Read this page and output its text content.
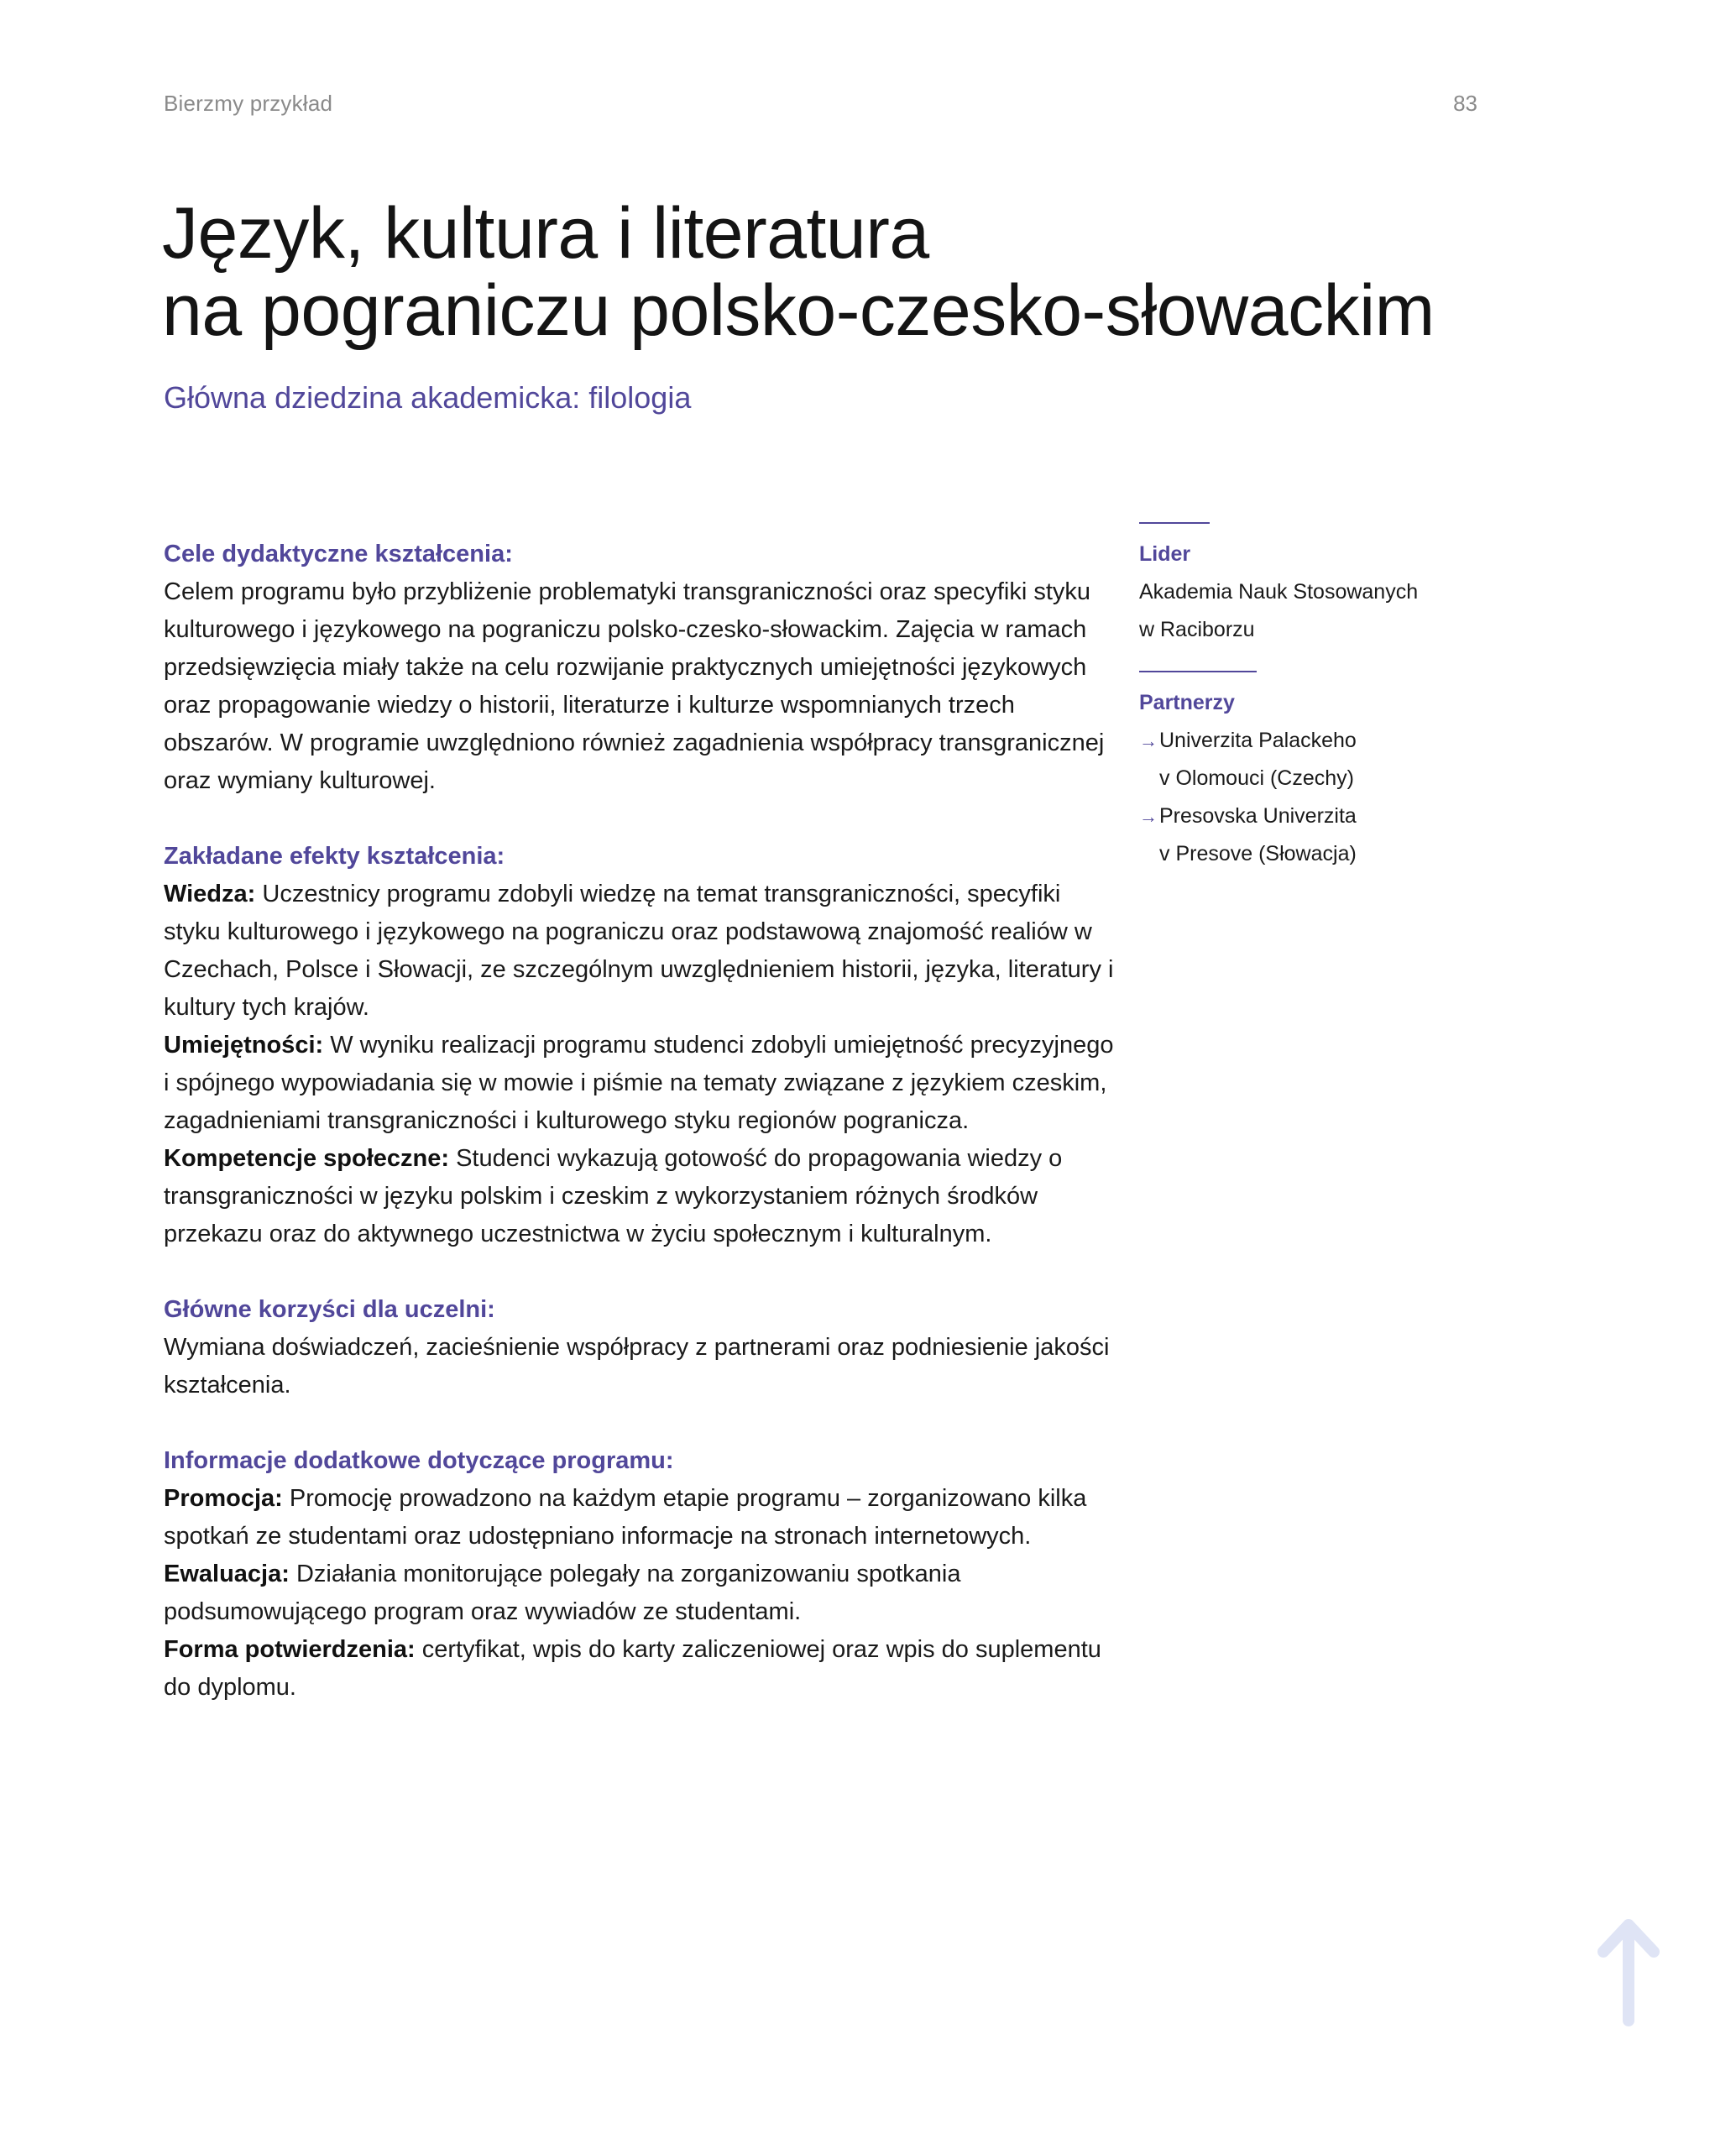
Bierzmy przykład	83
Język, kultura i literatura
na pograniczu polsko-czesko-słowackim
Główna dziedzina akademicka: filologia
Cele dydaktyczne kształcenia:

Celem programu było przybliżenie problematyki transgraniczności oraz specyfiki styku kulturowego i językowego na pograniczu polsko-czesko-słowackim. Zajęcia w ramach przedsięwzięcia miały także na celu rozwijanie praktycznych umiejętności językowych oraz propagowanie wiedzy o historii, literaturze i kulturze wspomnianych trzech obszarów. W programie uwzględniono również zagadnienia współpracy transgranicznej oraz wymiany kulturowej.

Zakładane efekty kształcenia:

Wiedza: Uczestnicy programu zdobyli wiedzę na temat transgraniczności, specyfiki styku kulturowego i językowego na pograniczu oraz podstawową znajomość realiów w Czechach, Polsce i Słowacji, ze szczególnym uwzględnieniem historii, języka, literatury i kultury tych krajów.

Umiejętności: W wyniku realizacji programu studenci zdobyli umiejętność precyzyjnego i spójnego wypowiadania się w mowie i piśmie na tematy związane z językiem czeskim, zagadnieniami transgraniczności i kulturowego styku regionów pogranicza.

Kompetencje społeczne: Studenci wykazują gotowość do propagowania wiedzy o transgraniczności w języku polskim i czeskim z wykorzystaniem różnych środków przekazu oraz do aktywnego uczestnictwa w życiu społecznym i kulturalnym.

Główne korzyści dla uczelni:

Wymiana doświadczeń, zacieśnienie współpracy z partnerami oraz podniesienie jakości kształcenia.

Informacje dodatkowe dotyczące programu:

Promocja: Promocję prowadzono na każdym etapie programu – zorganizowano kilka spotkań ze studentami oraz udostępniano informacje na stronach internetowych.

Ewaluacja: Działania monitorujące polegały na zorganizowaniu spotkania podsumowującego program oraz wywiadów ze studentami.

Forma potwierdzenia: certyfikat, wpis do karty zaliczeniowej oraz wpis do suplementu do dyplomu.

Lider
Akademia Nauk Stosowanych
w Raciborzu
Partnerzy
→ Univerzita Palackeho
v Olomouci (Czechy)
→ Presovska Univerzita
v Presove (Słowacja)
